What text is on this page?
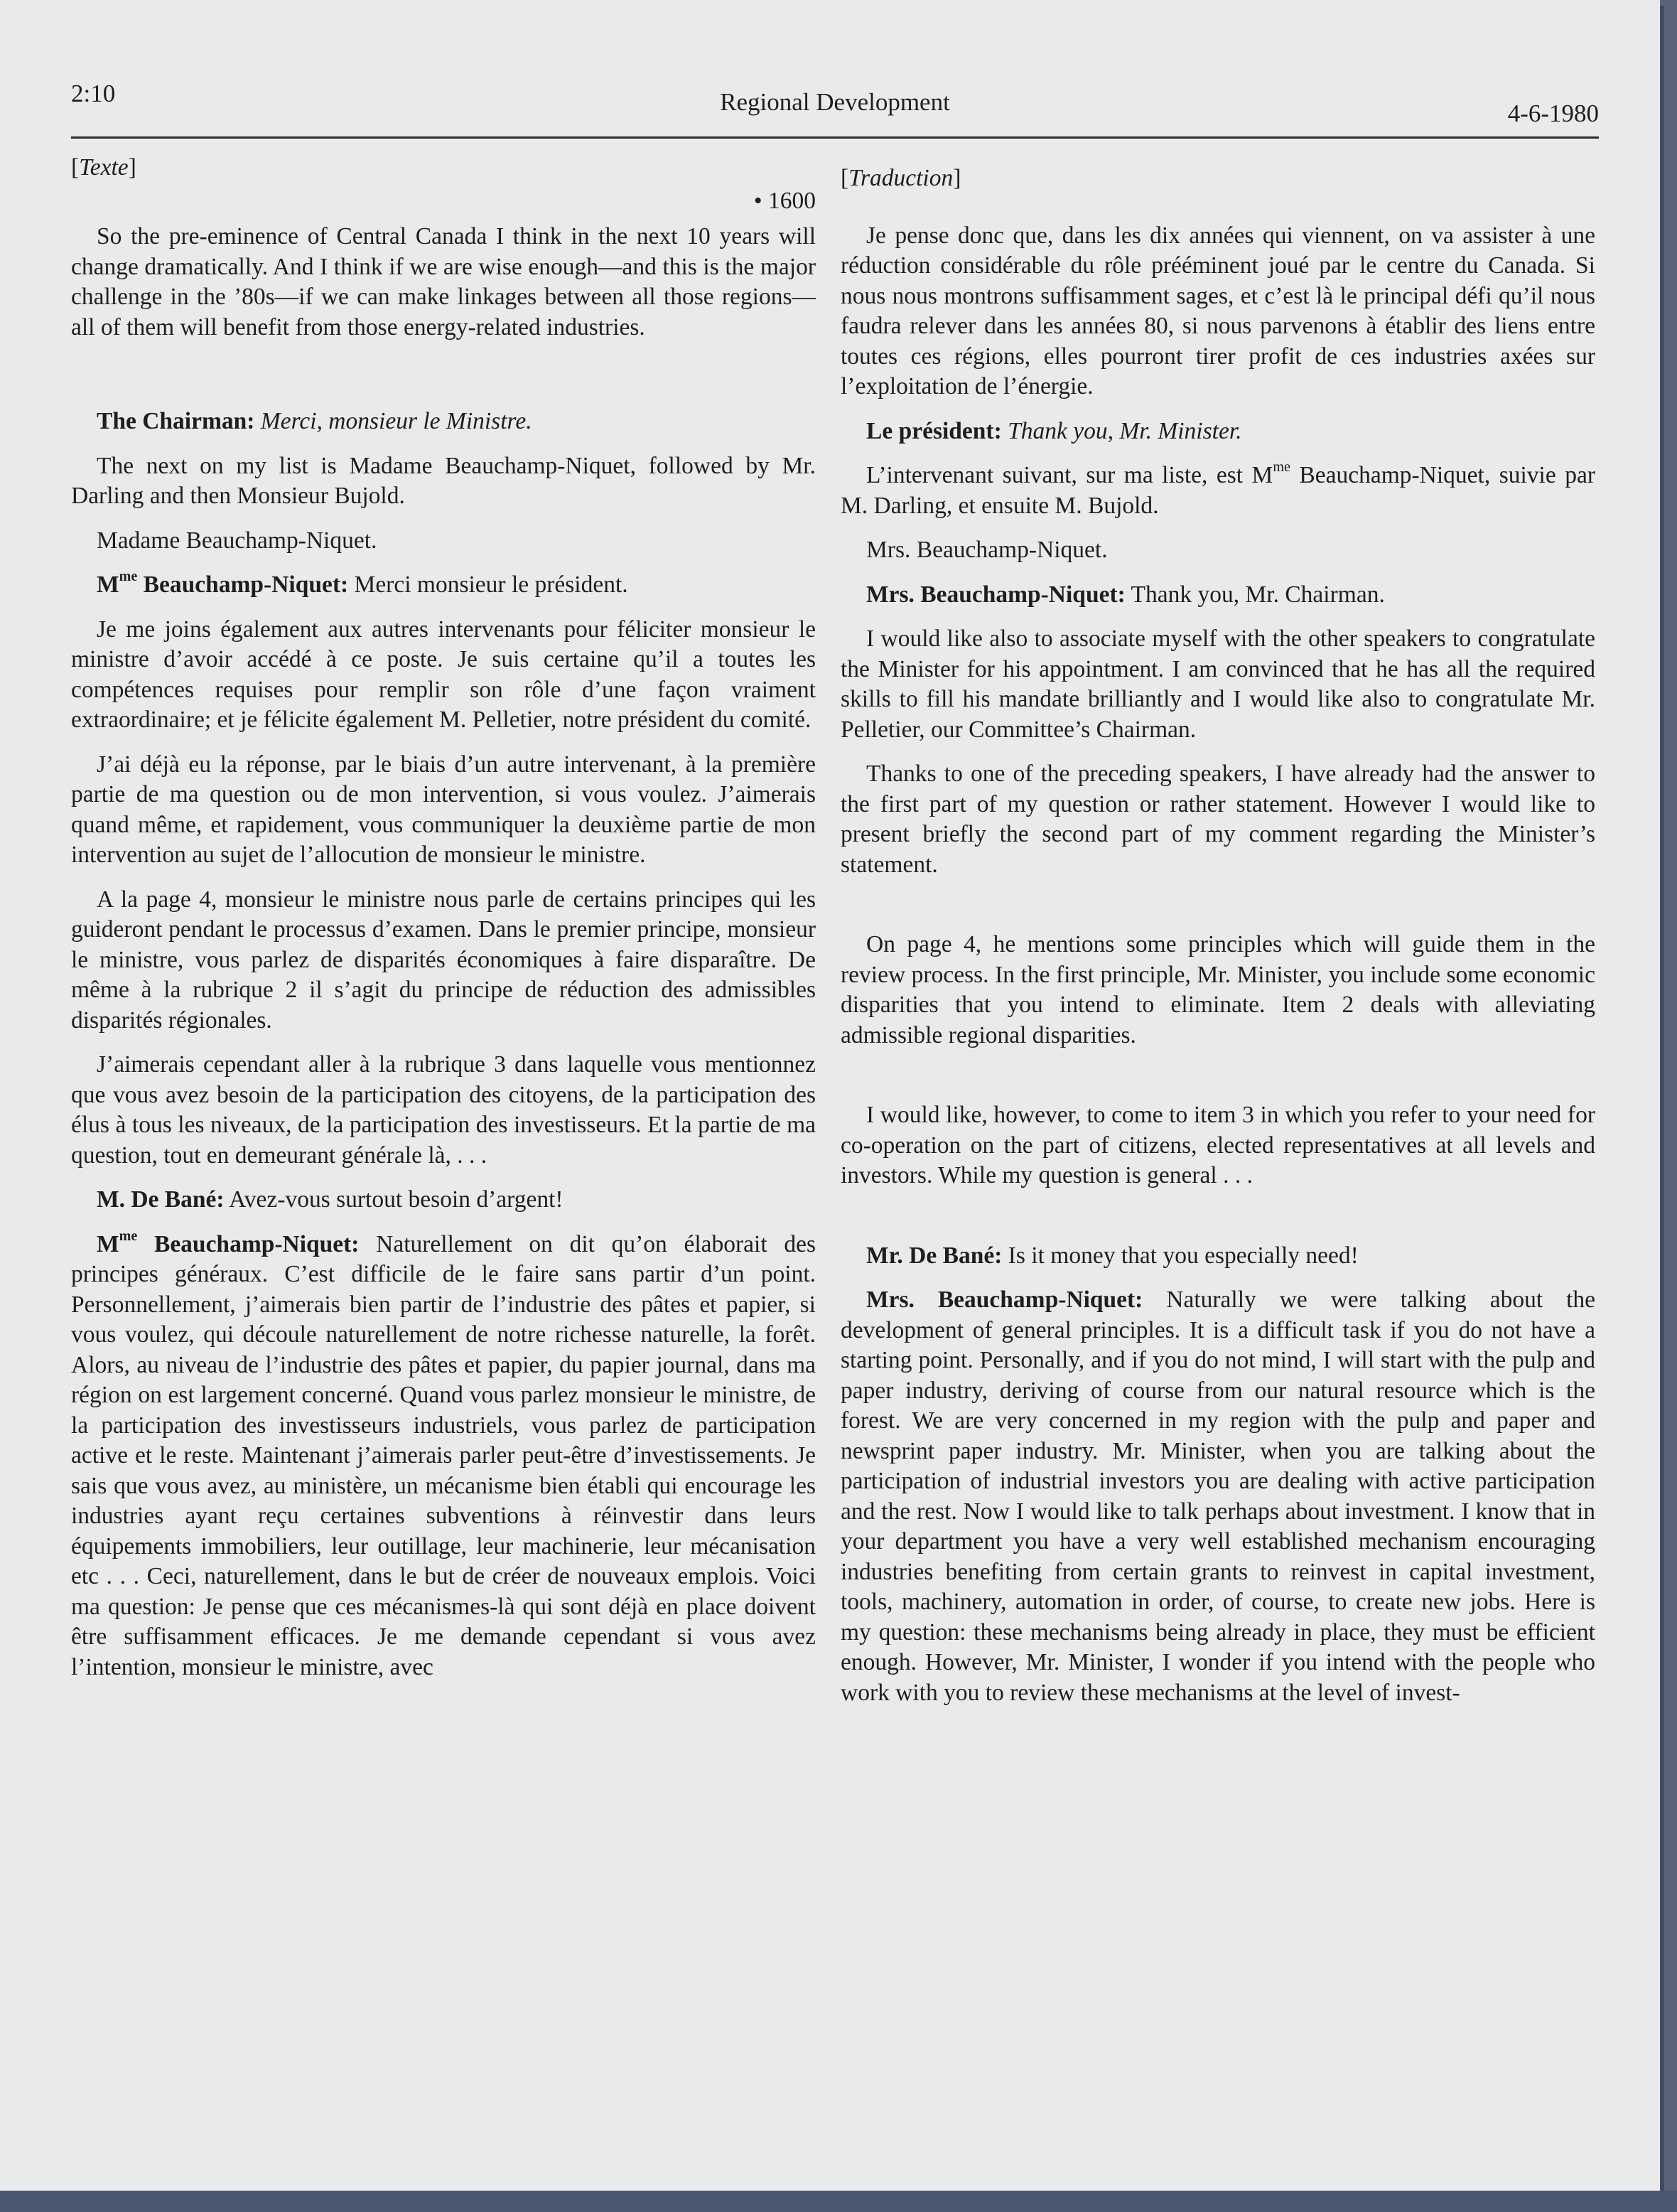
2:10	Regional Development	4-6-1980

[Texte]

• 1600

So the pre-eminence of Central Canada I think in the next 10 years will change dramatically. And I think if we are wise enough—and this is the major challenge in the ’80s—if we can make linkages between all those regions—all of them will benefit from those energy-related industries.

The Chairman: Merci, monsieur le Ministre.

The next on my list is Madame Beauchamp-Niquet, followed by Mr. Darling and then Monsieur Bujold.

Madame Beauchamp-Niquet.

$M^{me}$ Beauchamp-Niquet: Merci monsieur le président.

Je me joins également aux autres intervenants pour féliciter monsieur le ministre d’avoir accédé à ce poste. Je suis certaine qu’il a toutes les compétences requises pour remplir son rôle d’une façon vraiment extraordinaire; et je félicite également M. Pelletier, notre président du comité.

J’ai déjà eu la réponse, par le biais d’un autre intervenant, à la première partie de ma question ou de mon intervention, si vous voulez. J’aimerais quand même, et rapidement, vous communiquer la deuxième partie de mon intervention au sujet de l’allocution de monsieur le ministre.

A la page 4, monsieur le ministre nous parle de certains principes qui les guideront pendant le processus d’examen. Dans le premier principe, monsieur le ministre, vous parlez de disparités économiques à faire disparaître. De même à la rubrique 2 il s’agit du principe de réduction des admissibles disparités régionales.

J’aimerais cependant aller à la rubrique 3 dans laquelle vous mentionnez que vous avez besoin de la participation des citoyens, de la participation des élus à tous les niveaux, de la participation des investisseurs. Et la partie de ma question, tout en demeurant générale là, . . .

M. De Bané: Avez-vous surtout besoin d’argent!

$M^{me}$ Beauchamp-Niquet: Naturellement on dit qu’on élaborait des principes généraux. C’est difficile de le faire sans partir d’un point. Personnellement, j’aimerais bien partir de l’industrie des pâtes et papier, si vous voulez, qui découle naturellement de notre richesse naturelle, la forêt. Alors, au niveau de l’industrie des pâtes et papier, du papier journal, dans ma région on est largement concerné. Quand vous parlez monsieur le ministre, de la participation des investisseurs industriels, vous parlez de participation active et le reste. Maintenant j’aimerais parler peut-être d’investissements. Je sais que vous avez, au ministère, un mécanisme bien établi qui encourage les industries ayant reçu certaines subventions à réinvestir dans leurs équipements immobiliers, leur outillage, leur machinerie, leur mécanisation etc . . . Ceci, naturellement, dans le but de créer de nouveaux emplois. Voici ma question: Je pense que ces mécanismes-là qui sont déjà en place doivent être suffisamment efficaces. Je me demande cependant si vous avez l’intention, monsieur le ministre, avec

[Traduction]

Je pense donc que, dans les dix années qui viennent, on va assister à une réduction considérable du rôle prééminent joué par le centre du Canada. Si nous nous montrons suffisamment sages, et c’est là le principal défi qu’il nous faudra relever dans les années 80, si nous parvenons à établir des liens entre toutes ces régions, elles pourront tirer profit de ces industries axées sur l’exploitation de l’énergie.

Le président: Thank you, Mr. Minister.

L’intervenant suivant, sur ma liste, est $M^{me}$ Beauchamp-Niquet, suivie par M. Darling, et ensuite M. Bujold.

Mrs. Beauchamp-Niquet.

Mrs. Beauchamp-Niquet: Thank you, Mr. Chairman.

I would like also to associate myself with the other speakers to congratulate the Minister for his appointment. I am convinced that he has all the required skills to fill his mandate brilliantly and I would like also to congratulate Mr. Pelletier, our Committee’s Chairman.

Thanks to one of the preceding speakers, I have already had the answer to the first part of my question or rather statement. However I would like to present briefly the second part of my comment regarding the Minister’s statement.

On page 4, he mentions some principles which will guide them in the review process. In the first principle, Mr. Minister, you include some economic disparities that you intend to eliminate. Item 2 deals with alleviating admissible regional disparities.

I would like, however, to come to item 3 in which you refer to your need for co-operation on the part of citizens, elected representatives at all levels and investors. While my question is general . . .

Mr. De Bané: Is it money that you especially need!

Mrs. Beauchamp-Niquet: Naturally we were talking about the development of general principles. It is a difficult task if you do not have a starting point. Personally, and if you do not mind, I will start with the pulp and paper industry, deriving of course from our natural resource which is the forest. We are very concerned in my region with the pulp and paper and newsprint paper industry. Mr. Minister, when you are talking about the participation of industrial investors you are dealing with active participation and the rest. Now I would like to talk perhaps about investment. I know that in your department you have a very well established mechanism encouraging industries benefiting from certain grants to reinvest in capital investment, tools, machinery, automation in order, of course, to create new jobs. Here is my question: these mechanisms being already in place, they must be efficient enough. However, Mr. Minister, I wonder if you intend with the people who work with you to review these mechanisms at the level of invest-
